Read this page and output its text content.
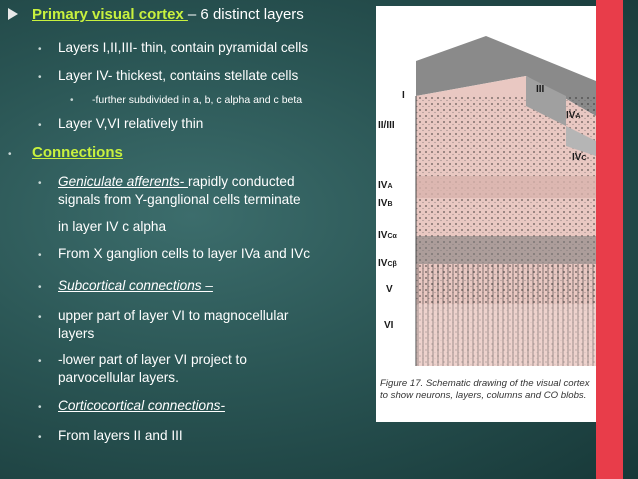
I
III
II/III
IVA
IVC
IVA
IVB
IVCα
IVCβ
V
VI
Figure 17. Schematic drawing of the visual cortex to show neurons, layers, columns and CO blobs.
Primary visual cortex – 6 distinct layers
• Layers I,II,III- thin, contain pyramidal cells
• Layer IV- thickest, contains stellate cells
• -further subdivided in a, b, c alpha and c beta
• Layer V,VI relatively thin
• Connections
• Geniculate afferents- rapidly conducted
signals from Y-ganglional cells terminate
in layer IV c alpha
• From X ganglion cells to layer IVa and IVc
• Subcortical connections –
• upper part of layer VI to magnocellular
layers
• -lower part of layer VI project to
parvocellular layers.
• Corticocortical connections-
• From layers II and III
